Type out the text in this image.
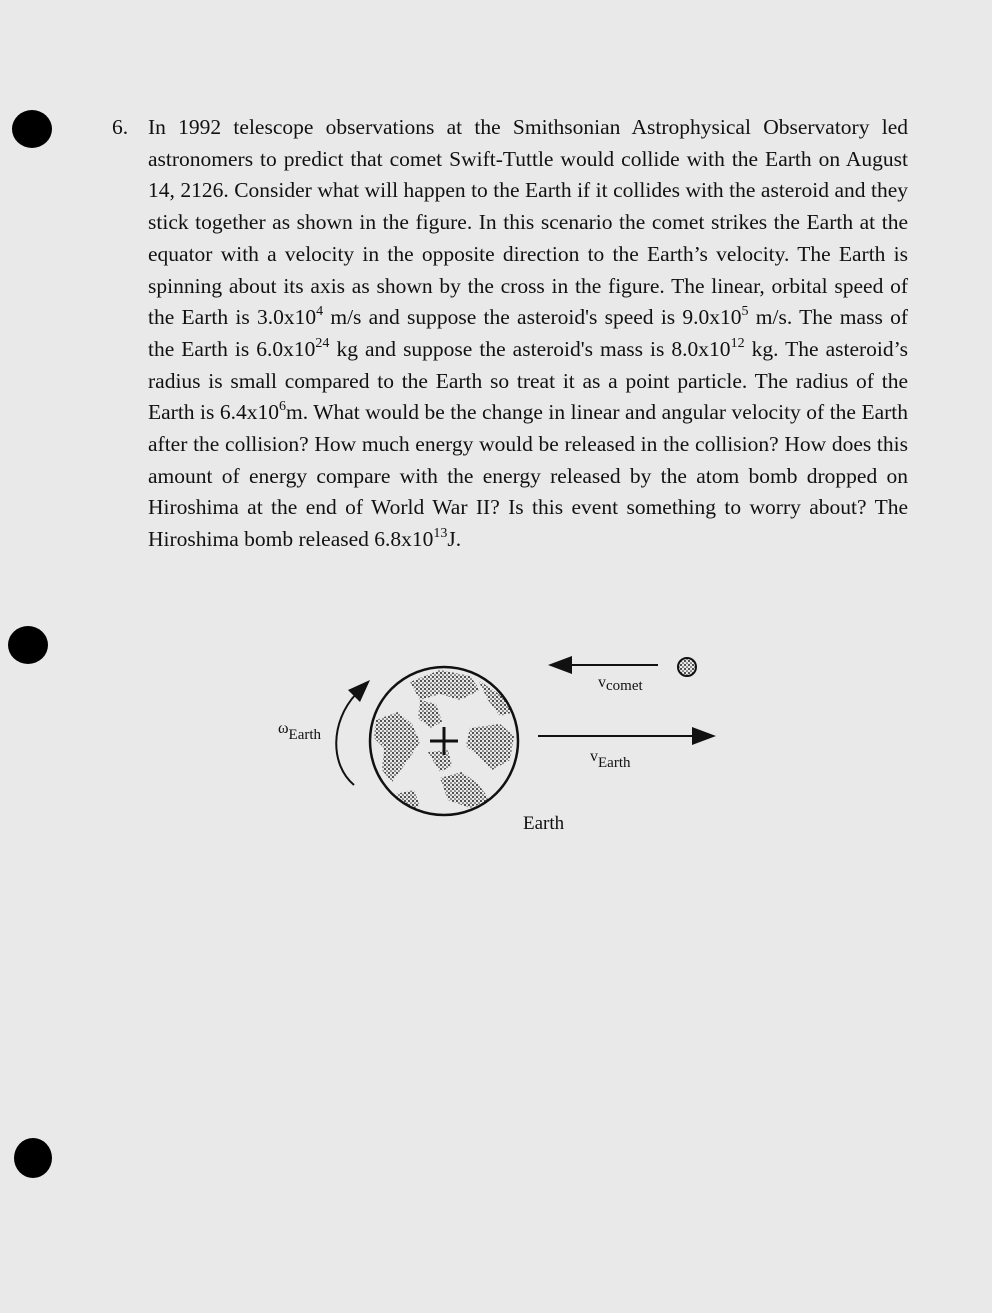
6. In 1992 telescope observations at the Smithsonian Astrophysical Observatory led astronomers to predict that comet Swift-Tuttle would collide with the Earth on August 14, 2126. Consider what will happen to the Earth if it collides with the asteroid and they stick together as shown in the figure. In this scenario the comet strikes the Earth at the equator with a velocity in the opposite direction to the Earth’s velocity. The Earth is spinning about its axis as shown by the cross in the figure. The linear, orbital speed of the Earth is $3.0x10^4$ m/s and suppose the asteroid's speed is $9.0x10^5$ m/s. The mass of the Earth is $6.0x10^{24}$ kg and suppose the asteroid's mass is $8.0x10^{12}$ kg. The asteroid’s radius is small compared to the Earth so treat it as a point particle. The radius of the Earth is $6.4x10^6m$. What would be the change in linear and angular velocity of the Earth after the collision? How much energy would be released in the collision? How does this amount of energy compare with the energy released by the atom bomb dropped on Hiroshima at the end of World War II? Is this event something to worry about? The Hiroshima bomb released $6.8x10^{13}J$.
ωEarth
vcomet
vEarth
Earth
